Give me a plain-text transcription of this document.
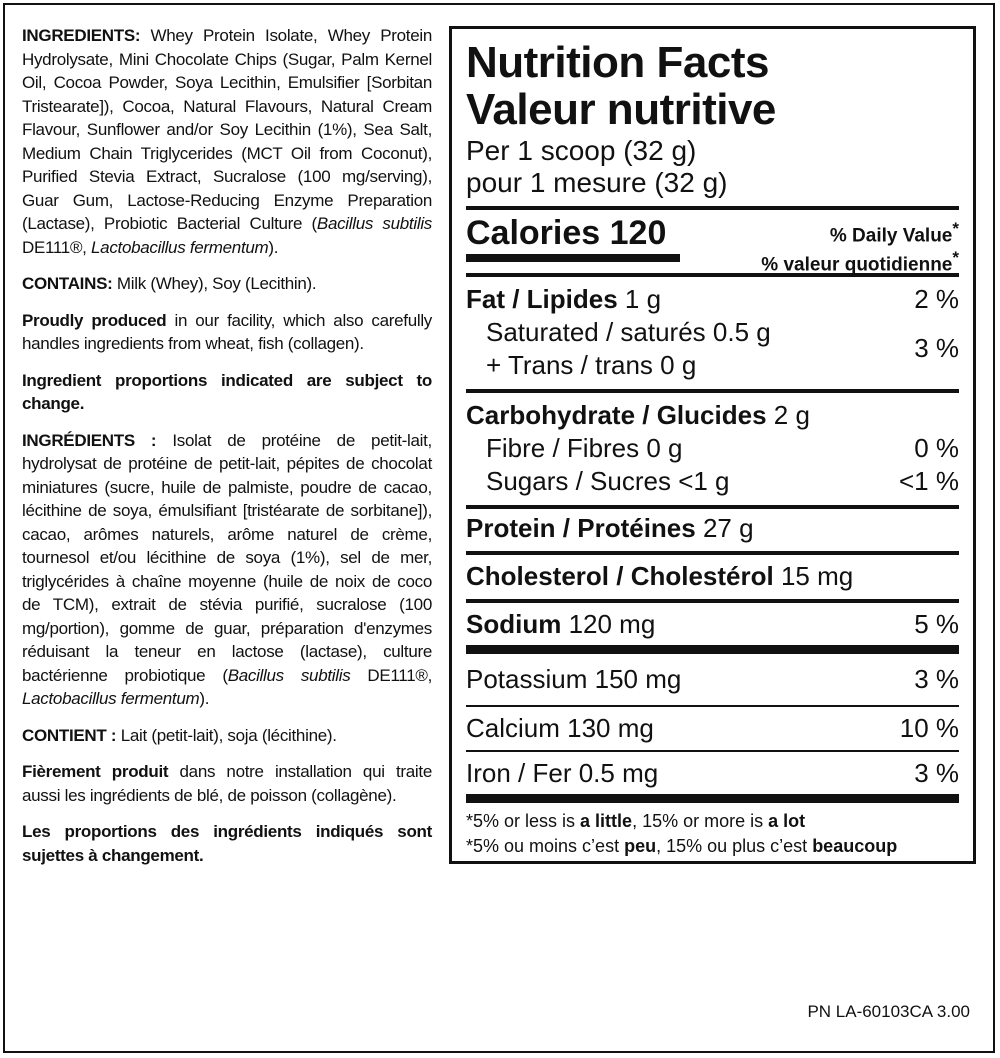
INGREDIENTS: Whey Protein Isolate, Whey Protein Hydrolysate, Mini Chocolate Chips (Sugar, Palm Kernel Oil, Cocoa Powder, Soya Lecithin, Emulsifier [Sorbitan Tristearate]), Cocoa, Natural Flavours, Natural Cream Flavour, Sunflower and/or Soy Lecithin (1%), Sea Salt, Medium Chain Triglycerides (MCT Oil from Coconut), Purified Stevia Extract, Sucralose (100 mg/serving), Guar Gum, Lactose-Reducing Enzyme Preparation (Lactase), Probiotic Bacterial Culture (Bacillus subtilis DE111®, Lactobacillus fermentum).

CONTAINS: Milk (Whey), Soy (Lecithin).

Proudly produced in our facility, which also carefully handles ingredients from wheat, fish (collagen).

Ingredient proportions indicated are subject to change.

INGRÉDIENTS : Isolat de protéine de petit-lait, hydrolysat de protéine de petit-lait, pépites de chocolat miniatures (sucre, huile de palmiste, poudre de cacao, lécithine de soya, émulsifiant [tristéarate de sorbitane]), cacao, arômes naturels, arôme naturel de crème, tournesol et/ou lécithine de soya (1%), sel de mer, triglycérides à chaîne moyenne (huile de noix de coco de TCM), extrait de stévia purifié, sucralose (100 mg/portion), gomme de guar, préparation d'enzymes réduisant la teneur en lactose (lactase), culture bactérienne probiotique (Bacillus subtilis DE111®, Lactobacillus fermentum).

CONTIENT : Lait (petit-lait), soja (lécithine).

Fièrement produit dans notre installation qui traite aussi les ingrédients de blé, de poisson (collagène).

Les proportions des ingrédients indiqués sont sujettes à changement.

Nutrition Facts
Valeur nutritive
Per 1 scoop (32 g)
pour 1 mesure (32 g)
Calories 120	% Daily Value*
% valeur quotidienne*
Fat / Lipides 1 g	2 %
Saturated / saturés 0.5 g
+ Trans / trans 0 g
3 %
Carbohydrate / Glucides 2 g
Fibre / Fibres 0 g	0 %
Sugars / Sucres <1 g	<1 %
Protein / Protéines 27 g
Cholesterol / Cholestérol 15 mg
Sodium 120 mg	5 %
Potassium 150 mg	3 %
Calcium 130 mg	10 %
Iron / Fer 0.5 mg	3 %
*5% or less is a little, 15% or more is a lot
*5% ou moins c’est peu, 15% ou plus c’est beaucoup
PN LA-60103CA 3.00
